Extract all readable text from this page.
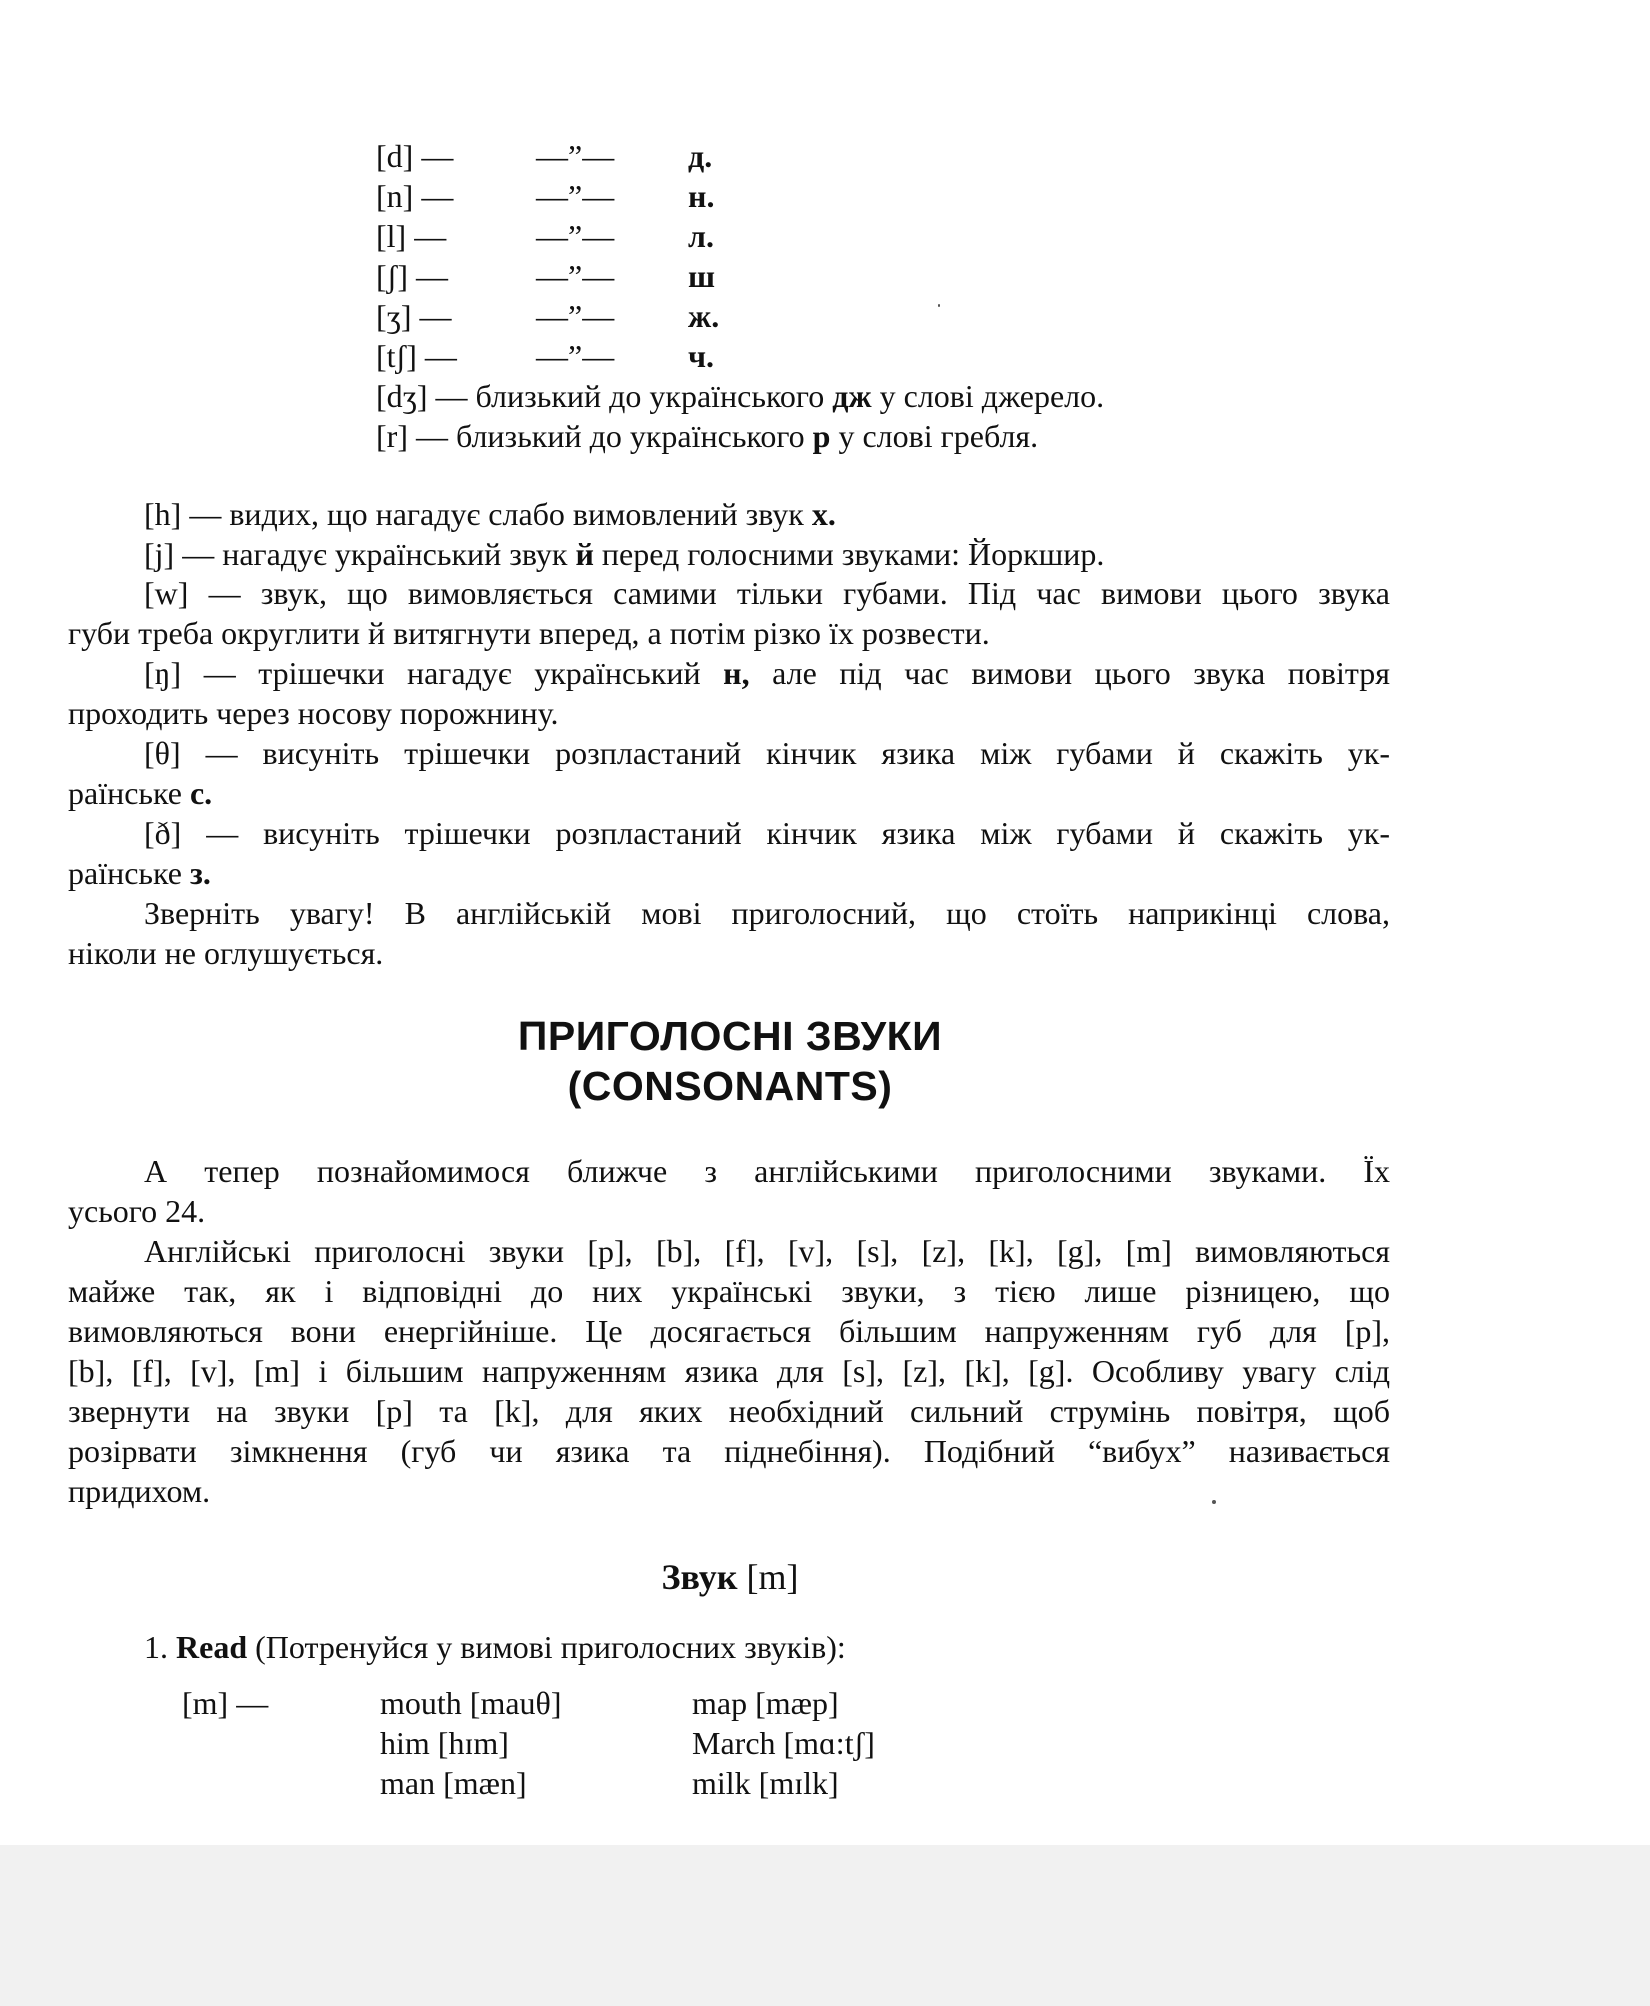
[d] —	—”— д.
[n] —	—”— н.
[l] —	—”— л.
[ʃ] —	—”— ш
[ʒ] —	—”— ж.
[tʃ] — —”— ч.
[dʒ] — близький до українського дж у слові джерело.
[r] — близький до українського р у слові гребля.
[h] — видих, що нагадує слабо вимовлений звук х.
[j] — нагадує український звук й перед голосними звуками: Йоркшир.
[w] — звук, що вимовляється самими тільки губами. Під час вимови цього звука
губи треба округлити й витягнути вперед, а потім різко їх розвести.
[ŋ] — трішечки нагадує український н, але під час вимови цього звука повітря
проходить через носову порожнину.
[θ] — висуніть трішечки розпластаний кінчик язика між губами й скажіть ук-
раїнське с.
[ð] — висуніть трішечки розпластаний кінчик язика між губами й скажіть ук-
раїнське з.
Зверніть увагу! В англійській мові приголосний, що стоїть наприкінці слова,
ніколи не оглушується.
ПРИГОЛОСНІ ЗВУКИ
(CONSONANTS)
А тепер познайомимося ближче з англійськими приголосними звуками. Їх
усього 24.
Англійські приголосні звуки [p], [b], [f], [v], [s], [z], [k], [g], [m] вимовляються
майже так, як і відповідні до них українські звуки, з тією лише різницею, що
вимовляються вони енергійніше. Це досягається більшим напруженням губ для [p],
[b], [f], [v], [m] і більшим напруженням язика для [s], [z], [k], [g]. Особливу увагу слід
звернути на звуки [p] та [k], для яких необхідний сильний струмінь повітря, щоб
розірвати зімкнення (губ чи язика та піднебіння). Подібний “вибух” називається
придихом.
Звук [m]
1. Read (Потренуйся у вимові приголосних звуків):
[m] —	mouth [mauθ]	map [mæp]
him [hɪm]	March [mɑ:tʃ]
man [mæn]	milk [mɪlk]
